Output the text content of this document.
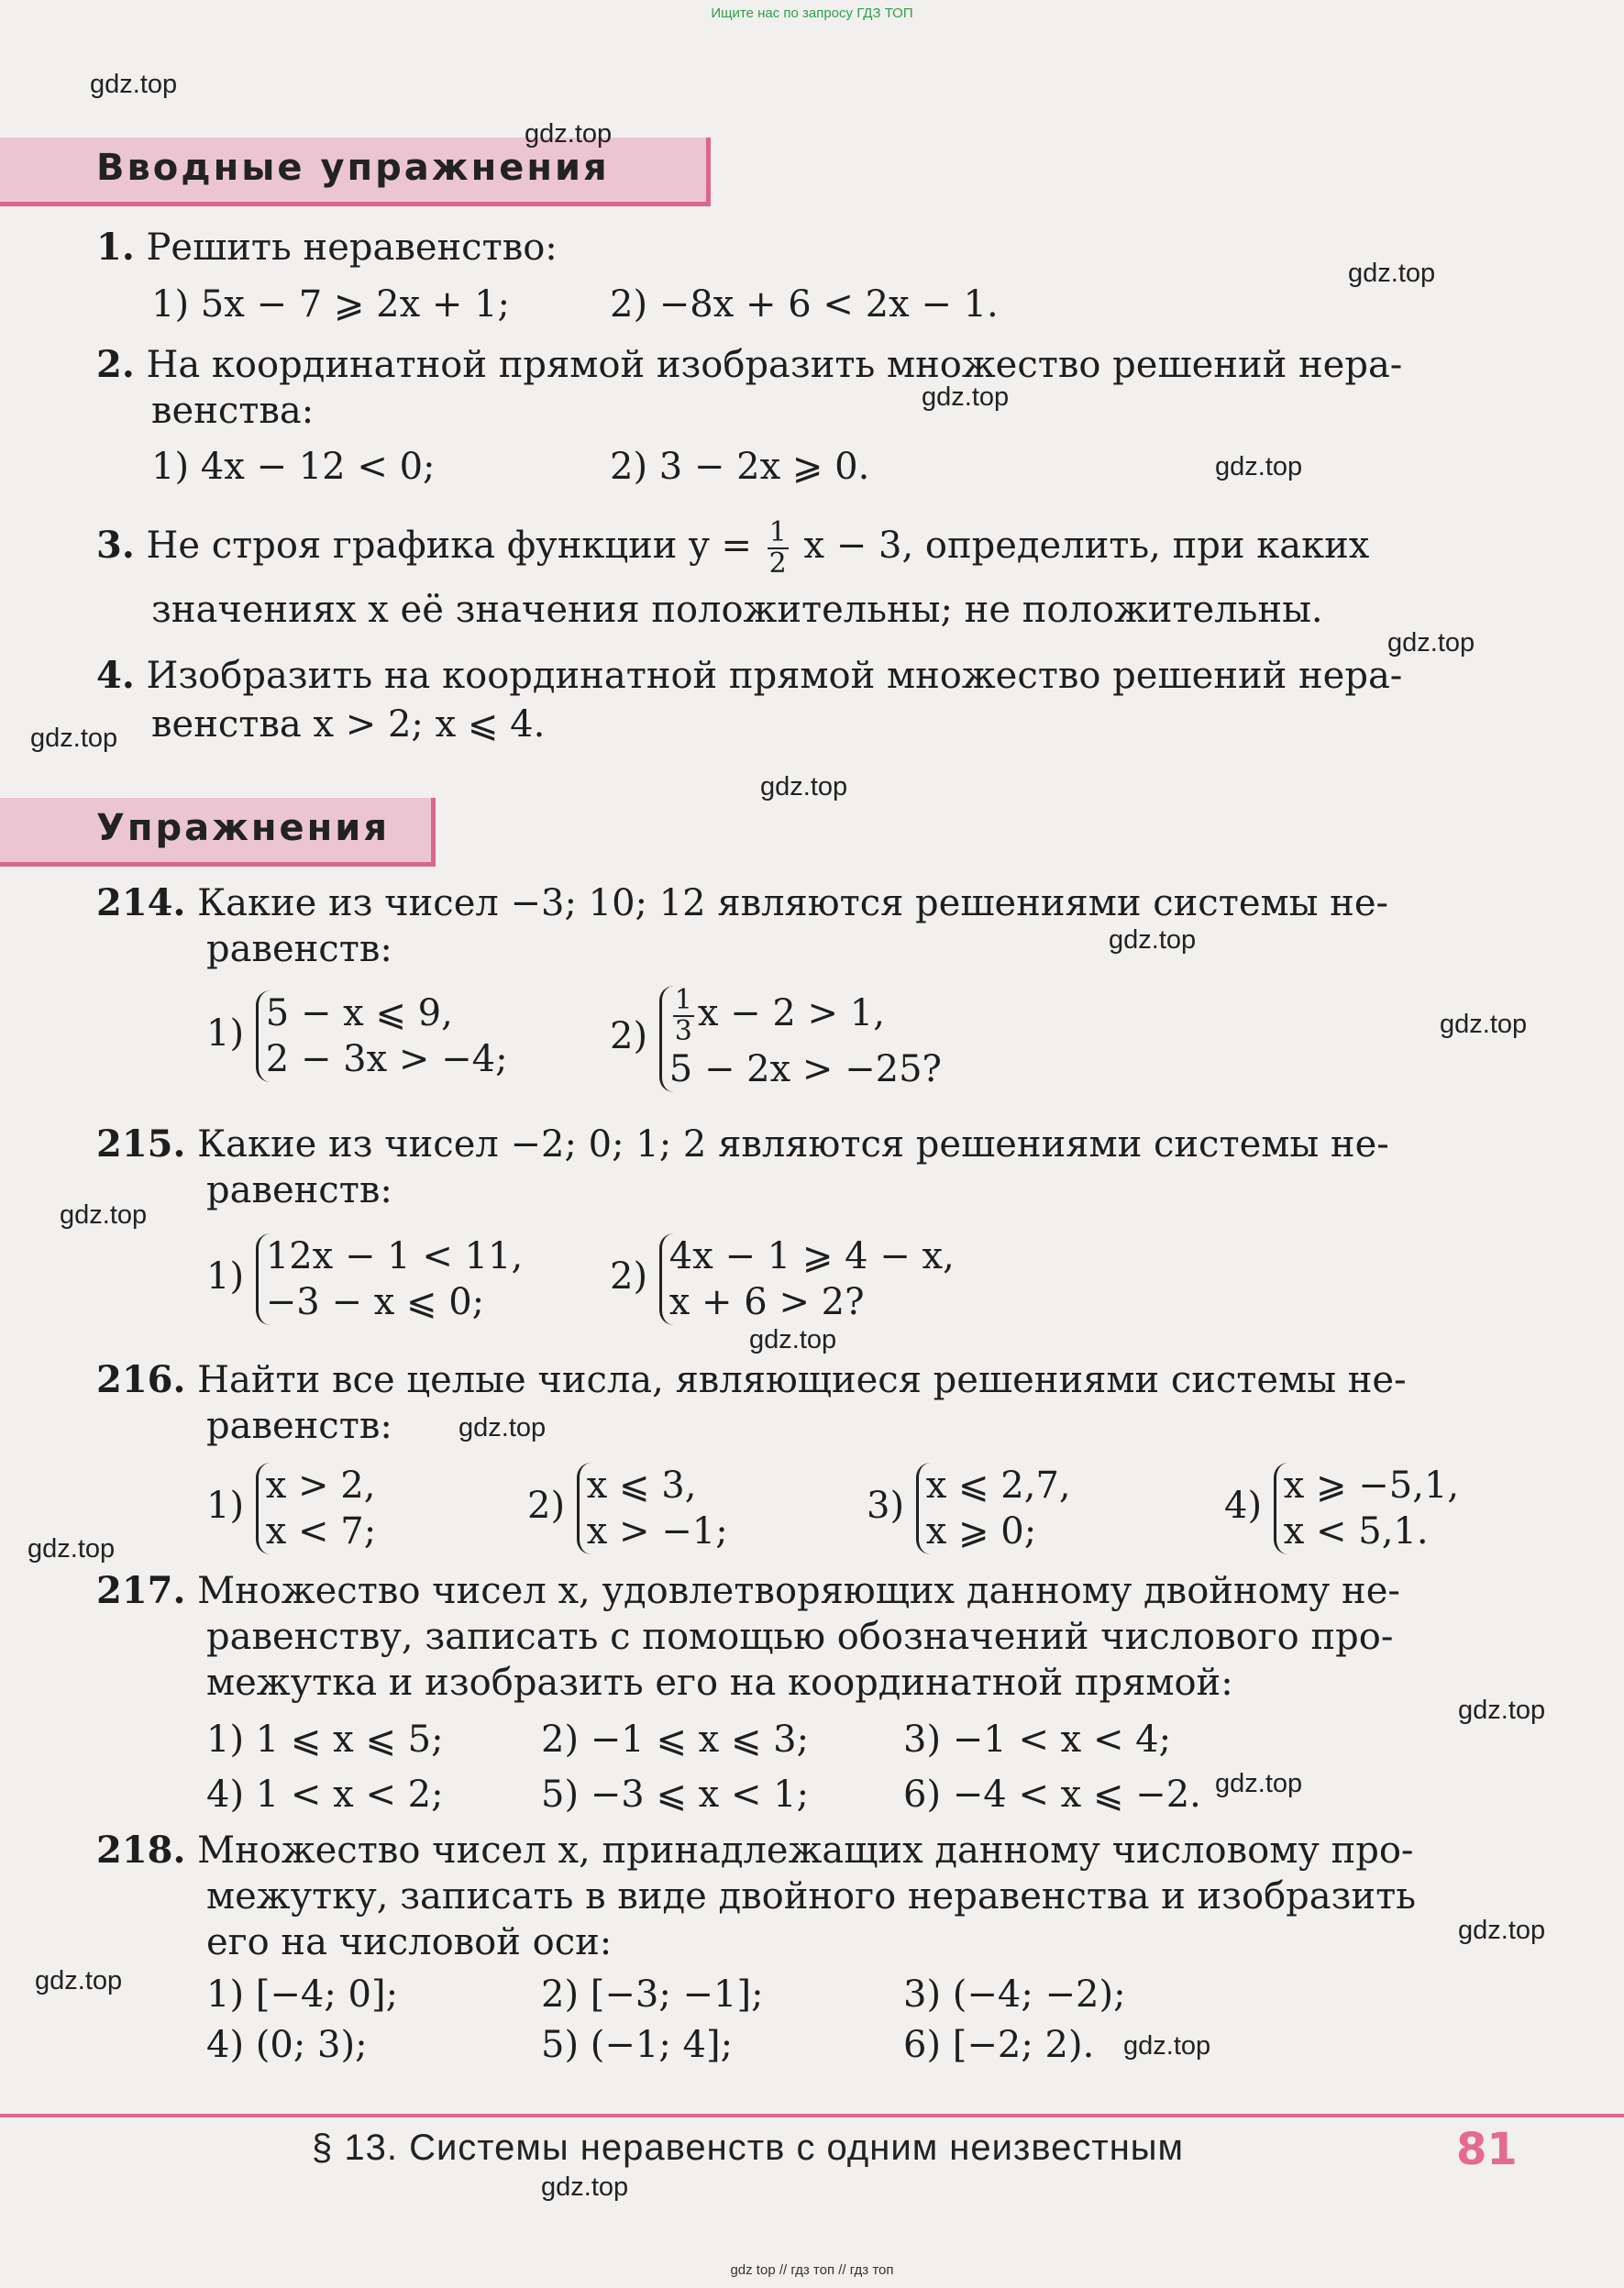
Ищите нас по запросу ГДЗ ТОП
gdz top // гдз топ // гдз топ
Вводные упражнения
1. Решить неравенство:
1) 5x − 7 ⩾ 2x + 1;	2) −8x + 6 < 2x − 1.
2. На координатной прямой изобразить множество решений нера-
венства:
1) 4x − 12 < 0;	2) 3 − 2x ⩾ 0.
3. Не строя графика функции $y = \frac{1}{2}$ x − 3, определить, при каких
значениях x её значения положительны; не положительны.
4. Изобразить на координатной прямой множество решений нера-
венства x > 2; x ⩽ 4.
Упражнения
214. Какие из чисел −3; 10; 12 являются решениями системы не-
равенств:
1) 5 − x ⩽ 9,
2 − 3x > −4;
$2) \frac{1}{3}$ x − 2 > 1,
5 − 2x > −25?
215. Какие из чисел −2; 0; 1; 2 являются решениями системы не-
равенств:
1) 12x − 1 < 11,
−3 − x ⩽ 0;
2) 4x − 1 ⩾ 4 − x,
x + 6 > 2?
216. Найти все целые числа, являющиеся решениями системы не-
равенств:
1) x > 2,
x < 7;
2) x ⩽ 3,
x > −1;
3) x ⩽ 2,7,
x ⩾ 0;
4) x ⩾ −5,1,
x < 5,1.
217. Множество чисел x, удовлетворяющих данному двойному не-
равенству, записать с помощью обозначений числового про-
межутка и изобразить его на координатной прямой:
1) 1 ⩽ x ⩽ 5;	2) −1 ⩽ x ⩽ 3;	3) −1 < x < 4;
4) 1 < x < 2;	5) −3 ⩽ x < 1;	6) −4 < x ⩽ −2.
218. Множество чисел x, принадлежащих данному числовому про-
межутку, записать в виде двойного неравенства и изобразить
его на числовой оси:
1) [−4; 0];	2) [−3; −1];	3) (−4; −2);
4) (0; 3);	5) (−1; 4];	6) [−2; 2).
§ 13. Системы неравенств с одним неизвестным	81
gdz.top
gdz.top
gdz.top
gdz.top
gdz.top
gdz.top
gdz.top
gdz.top
gdz.top
gdz.top
gdz.top
gdz.top
gdz.top
gdz.top
gdz.top
gdz.top
gdz.top
gdz.top
gdz.top
gdz.top
